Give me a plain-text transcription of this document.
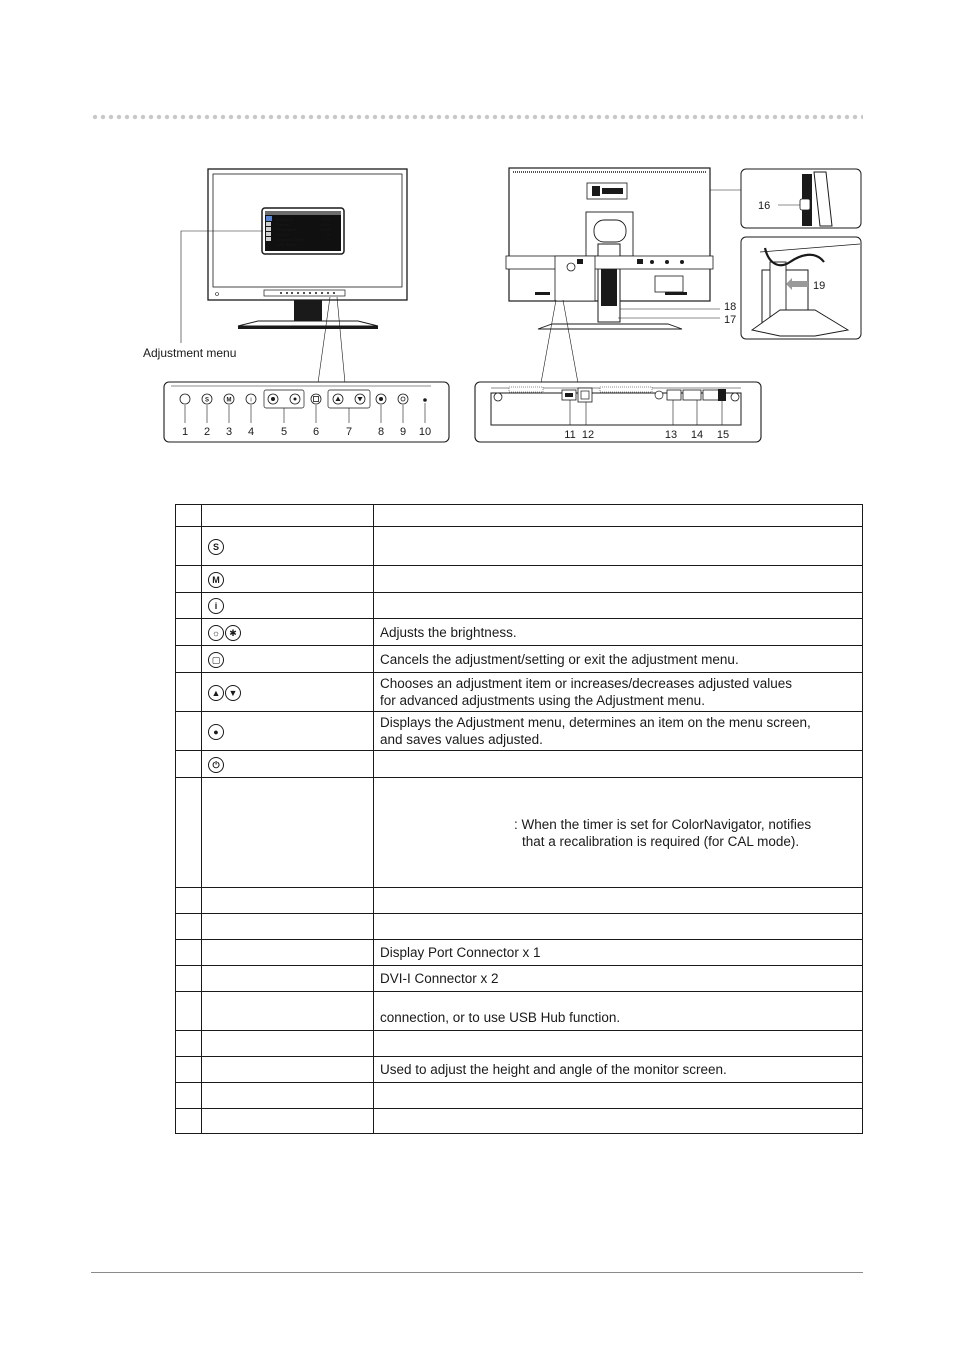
Brightness	87%
Contrast	100%
Temperature	6500K
Gamma	2.2
Advanced Settings	>
Color Reset
S	M	i
1 2 3 4 5 6 7 8 9 10	11 12	13 14 15
16
17
18
19
Adjustment menu

	S	

	M	

	i	

	☼ ✱	Adjusts the brightness.

	▢	Cancels the adjustment/setting or exit the adjustment menu.

	▲ ▼	Chooses an adjustment item or increases/decreases adjusted values
for advanced adjustments using the Adjustment menu.

	●	Displays the Adjustment menu, determines an item on the menu screen,
and saves values adjusted.

	⏻	

		: When the timer is set for ColorNavigator, notifies
that a recalibration is required (for CAL mode).

		Display Port Connector x 1

		DVI-I Connector x 2

		connection, or to use USB Hub function.

		Used to adjust the height and angle of the monitor screen.
